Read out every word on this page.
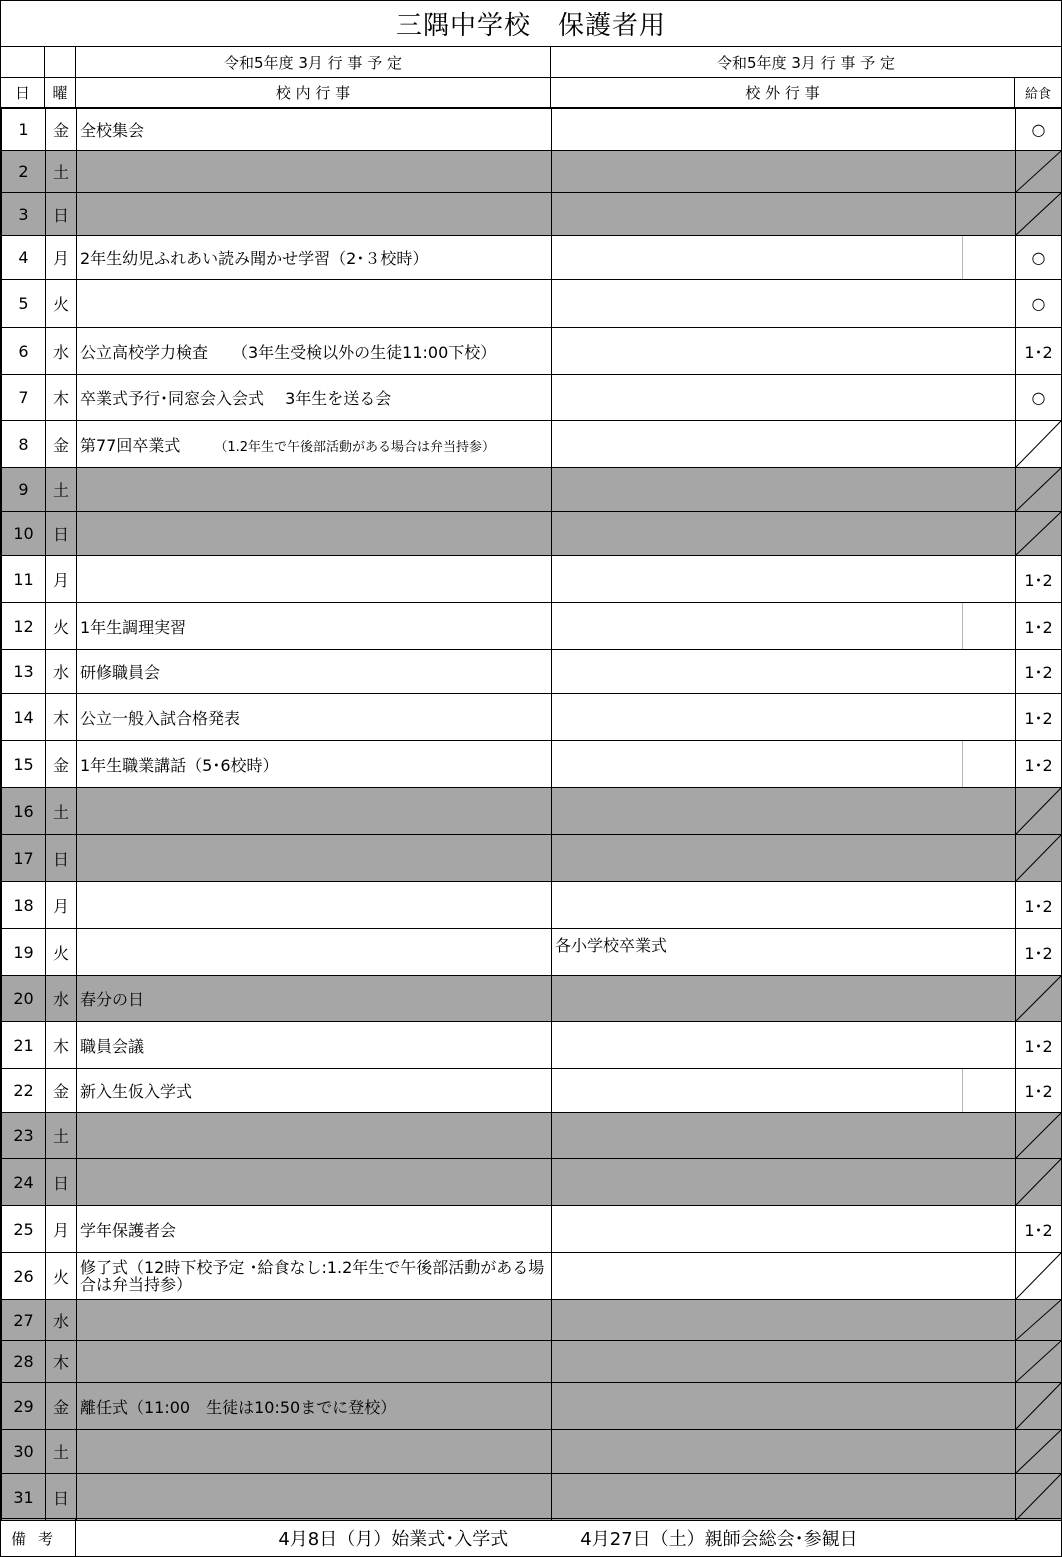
三隅中学校　保護者用
令和5年度 3月 行 事 予 定	令和5年度 3月 行 事 予 定
日	曜	校 内 行 事	校 外 行 事	給食
1	金	全校集会		○
2	土			

3	日			

4	月	2年生幼児ふれあい読み聞かせ学習（2･３校時）		○
5	火			○
6	水	公立高校学力検査　　（3年生受検以外の生徒11:00下校）		1･2
7	木	卒業式予行･同窓会入会式　 3年生を送る会		○
8	金	第77回卒業式 （1.2年生で午後部活動がある場合は弁当持参）		

9	土			

10	日			

11	月			1･2
12	火	1年生調理実習		1･2
13	水	研修職員会		1･2
14	木	公立一般入試合格発表		1･2
15	金	1年生職業講話（5･6校時）		1･2
16	土			

17	日			

18	月			1･2
19	火		各小学校卒業式	1･2
20	水	春分の日		

21	木	職員会議		1･2
22	金	新入生仮入学式		1･2
23	土			

24	日			

25	月	学年保護者会		1･2
26	火	修了式（12時下校予定 ･給食なし:1.2年生で午後部活動がある場合は弁当持参）		

27	水			

28	木			

29	金	離任式（11:00　生徒は10:50までに登校）		

30	土			

31	日			
備考	4月8日（月）始業式･入学式　　　　4月27日（土）親師会総会･参観日
